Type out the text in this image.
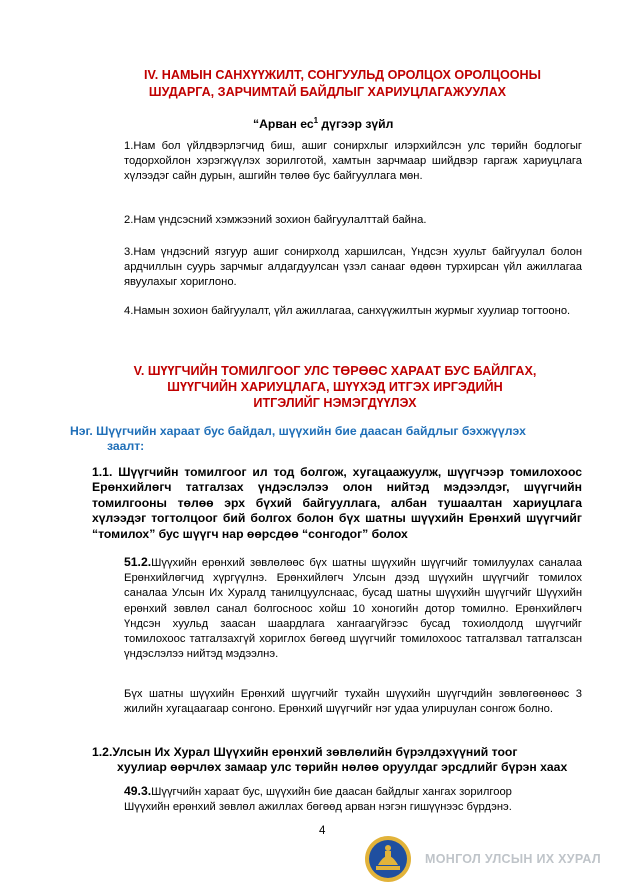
IV. НАМЫН САНХҮҮЖИЛТ, СОНГУУЛЬД ОРОЛЦОХ ОРОЛЦООНЫ
ШУДАРГА, ЗАРЧИМТАЙ БАЙДЛЫГ ХАРИУЦЛАГАЖУУЛАХ
“Арван $ес^1$ дүгээр зүйл
1.Нам бол үйлдвэрлэгчид биш, ашиг сонирхлыг илэрхийлсэн улс төрийн бодлогыг тодорхойлон хэрэгжүүлэх зорилготой, хамтын зарчмаар шийдвэр гаргаж хариуцлага хүлээдэг сайн дурын, ашгийн төлөө бус байгууллага мөн.
2.Нам үндсэсний хэмжээний зохион байгуулалттай байна.
3.Нам үндэсний язгуур ашиг сонирхолд харшилсан, Үндсэн хуульт байгуулал болон ардчиллын суурь зарчмыг алдагдуулсан үзэл санааг өдөөн турхирсан үйл ажиллагаа явуулахыг хориглоно.
4.Намын зохион байгуулалт, үйл ажиллагаа, санхүүжилтын журмыг хуулиар тогтооно.
V. ШҮҮГЧИЙН ТОМИЛГООГ УЛС ТӨРӨӨС ХАРААТ БУС БАЙЛГАХ,
ШҮҮГЧИЙН ХАРИУЦЛАГА, ШҮҮХЭД ИТГЭХ ИРГЭДИЙН
ИТГЭЛИЙГ НЭМЭГДҮҮЛЭХ
Нэг. Шүүгчийн хараат бус байдал, шүүхийн бие даасан байдлыг бэхжүүлэх
заалт:
1.1. Шүүгчийн томилгоог ил тод болгож, хугацаажуулж, шүүгчээр томилохоос Ерөнхийлөгч татгалзах үндэслэлээ олон нийтэд мэдээлдэг, шүүгчийн томилгооны төлөө эрх бүхий байгууллага, албан тушаалтан хариуцлага хүлээдэг тогтолцоог бий болгох болон бүх шатны шүүхийн Ерөнхий шүүгчийг “томилох” бус шүүгч нар өөрсдөө “сонгодог” болох
51.2.Шүүхийн ерөнхий зөвлөлөөс бүх шатны шүүхийн шүүгчийг томилуулах саналаа Ерөнхийлөгчид хүргүүлнэ. Ерөнхийлөгч Улсын дээд шүүхийн шүүгчийг томилох саналаа Улсын Их Хуралд танилцуулснаас, бусад шатны шүүхийн шүүгчийг Шүүхийн ерөнхий зөвлөл санал болгосноос хойш 10 хоногийн дотор томилно. Ерөнхийлөгч Үндсэн хуульд заасан шаардлага хангаагүйгээс бусад тохиолдолд шүүгчийг томилохоос татгалзахгүй хориглох бөгөөд шүүгчийг томилохоос татгалзвал татгалзсан үндэслэлээ нийтэд мэдээлнэ.
Бүх шатны шүүхийн Ерөнхий шүүгчийг тухайн шүүхийн шүүгчдийн зөвлөгөөнөөс 3 жилийн хугацаагаар сонгоно. Ерөнхий шүүгчийг нэг удаа улирuулан сонгож болно.
1.2.Улсын Их Хурал Шүүхийн ерөнхий зөвлөлийн бүрэлдэхүүний тоог
хуулиар өөрчлөх замаар улс төрийн нөлөө оруулдаг эрсдлийг бүрэн хаах
49.3.Шүүгчийн хараат бус, шүүхийн бие даасан байдлыг хангах зорилгоор
Шүүхийн ерөнхий зөвлөл ажиллах бөгөөд арван нэгэн гишүүнээс бүрдэнэ.
4
МОНГОЛ УЛСЫН ИХ ХУРАЛ
